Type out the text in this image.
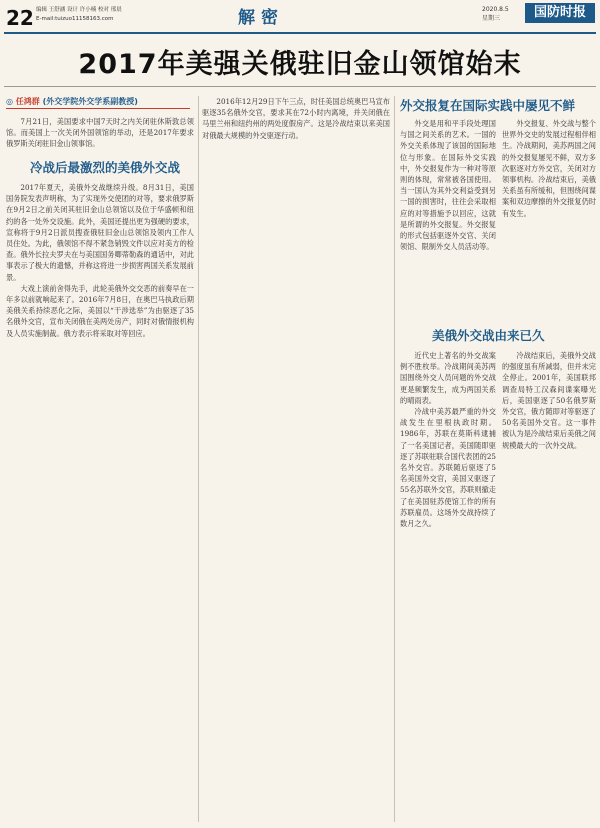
22 编辑 王舒涵 设计 许小楠 校对 邢晨
E-mail:tuizuo11158163.com	解密	2020.8.5
星期三	国防时报
2017年美强关俄驻旧金山领馆始末
◎ 任鸿群 (外交学院外交学系副教授)

7月21日，美国要求中国7天时之内关闭驻休斯敦总领馆。而美国上一次关闭外国领馆的举动，还是2017年要求俄罗斯关闭驻旧金山领事馆。

冷战后最激烈的美俄外交战

2017年夏天，美俄外交战继续升级。8月31日，美国国务院发表声明称，为了实现外交使团的对等，要求俄罗斯在9月2日之前关闭其驻旧金山总领馆以及位于华盛顿和纽约的各一处外交设施。此外，美国还提出更为强硬的要求，宣称将于9月2日派员搜查俄驻旧金山总领馆及领内工作人员住处。为此，俄领馆不得不紧急销毁文件以应对美方的检查。俄外长拉夫罗夫在与美国国务卿蒂勒森的通话中，对此事表示了极大的遗憾，并称这将进一步损害两国关系发展前景。

大戏上演前舍得先手，此轮美俄外交交恶的前奏早在一年多以前就响起来了。2016年7月8日，在奥巴马执政后期美俄关系持续恶化之际，美国以“干涉选举”为由驱逐了35名俄外交官，宣布关闭俄在美两处房产，同时对俄情报机构及人员实施制裁。俄方表示将采取对等回应。

2016年12月29日下午三点，时任美国总统奥巴马宣布驱逐35名俄外交官，要求其在72小时内离境，并关闭俄在马里兰州和纽约州的两处度假房产。这是冷战结束以来美国对俄最大规模的外交驱逐行动。

外交报复在国际实践中屡见不鲜

外交是用和平手段处理国与国之间关系的艺术。一国的外交关系体现了该国的国际地位与形象。在国际外交实践中，外交报复作为一种对等原则的体现，常常被各国使用。当一国认为其外交利益受到另一国的损害时，往往会采取相应的对等措施予以回应，这就是所谓的外交报复。外交报复的形式包括驱逐外交官、关闭领馆、限制外交人员活动等。

外交报复、外交战与整个世界外交史的发展过程相伴相生。冷战期间，美苏两国之间的外交报复屡见不鲜，双方多次驱逐对方外交官，关闭对方领事机构。冷战结束后，美俄关系虽有所缓和，但围绕间谍案和双边摩擦的外交报复仍时有发生。

美俄外交战由来已久

近代史上著名的外交战案例不胜枚举。冷战期间美苏两国围绕外交人员问题的外交战更是频繁发生，成为两国关系的晴雨表。

冷战中美苏最严重的外交战发生在里根执政时期。1986年，苏联在莫斯科逮捕了一名美国记者，美国随即驱逐了苏联驻联合国代表团的25名外交官。苏联随后驱逐了5名美国外交官，美国又驱逐了55名苏联外交官，苏联则撤走了在美国驻苏使馆工作的所有苏联雇员。这场外交战持续了数月之久。

冷战结束后，美俄外交战的强度虽有所减弱，但并未完全停止。2001年，美国联邦调查局特工汉森间谍案曝光后，美国驱逐了50名俄罗斯外交官，俄方随即对等驱逐了50名美国外交官。这一事件被认为是冷战结束后美俄之间规模最大的一次外交战。
